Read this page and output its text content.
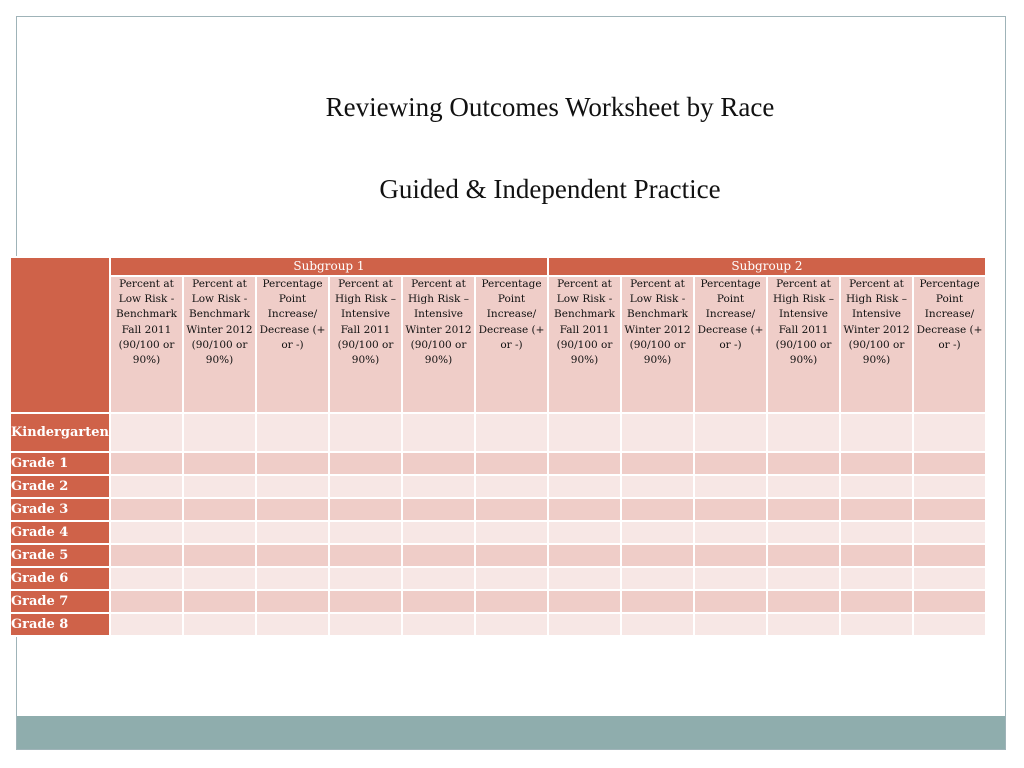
Reviewing Outcomes Worksheet by Race
Guided & Independent Practice
	Subgroup 1						Subgroup 2					
	Percent at Low Risk - Benchmark Fall 2011 (90/100 or 90%)	Percent at Low Risk - Benchmark Winter 2012 (90/100 or 90%)	Percentage Point Increase/ Decrease (+ or -)	Percent at High Risk – Intensive Fall 2011 (90/100 or 90%)	Percent at High Risk – Intensive Winter 2012 (90/100 or 90%)	Percentage Point Increase/ Decrease (+ or -)	Percent at Low Risk - Benchmark Fall 2011 (90/100 or 90%)	Percent at Low Risk - Benchmark Winter 2012 (90/100 or 90%)	Percentage Point Increase/ Decrease (+ or -)	Percent at High Risk – Intensive Fall 2011 (90/100 or 90%)	Percent at High Risk – Intensive Winter 2012 (90/100 or 90%)	Percentage Point Increase/ Decrease (+ or -)
Kindergarten												
Grade 1												
Grade 2												
Grade 3												
Grade 4												
Grade 5												
Grade 6												
Grade 7												
Grade 8												
